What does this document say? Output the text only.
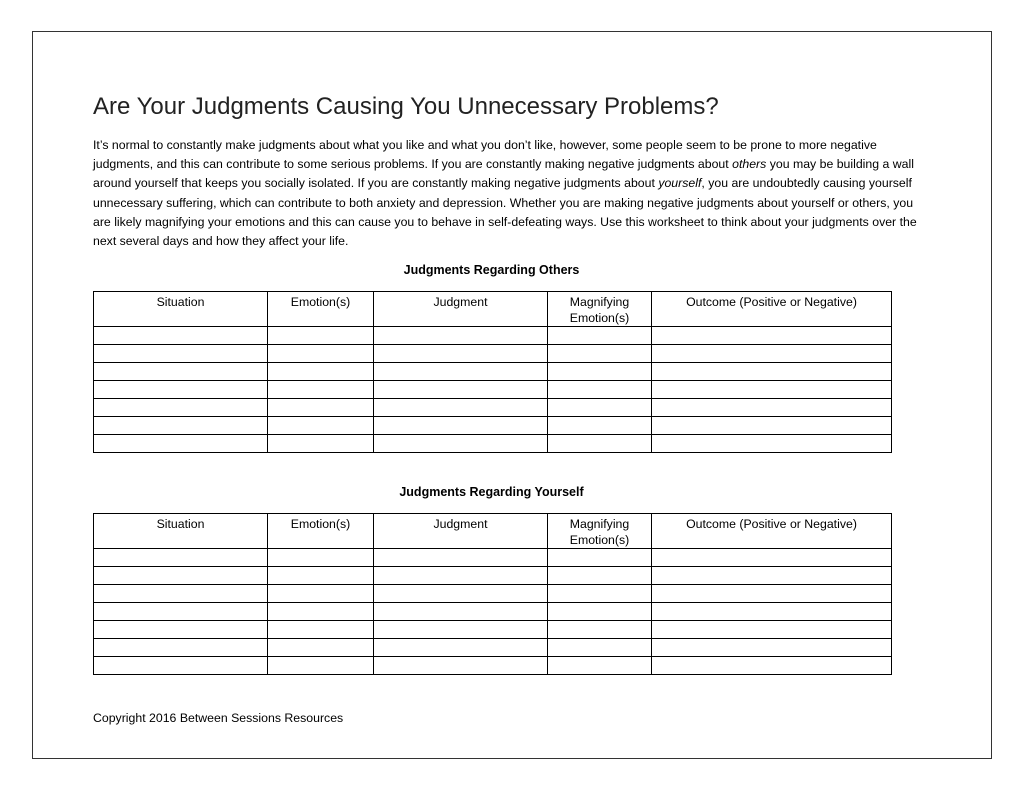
Are Your Judgments Causing You Unnecessary Problems?

It’s normal to constantly make judgments about what you like and what you don’t like, however, some people seem to be prone to more negative judgments, and this can contribute to some serious problems. If you are constantly making negative judgments about others you may be building a wall around yourself that keeps you socially isolated. If you are constantly making negative judgments about yourself, you are undoubtedly causing yourself unnecessary suffering, which can contribute to both anxiety and depression. Whether you are making negative judgments about yourself or others, you are likely magnifying your emotions and this can cause you to behave in self-defeating ways. Use this worksheet to think about your judgments over the next several days and how they affect your life.

Judgments Regarding Others

Situation	Emotion(s)	Judgment	Magnifying Emotion(s)	Outcome (Positive or Negative)

Judgments Regarding Yourself

Situation	Emotion(s)	Judgment	Magnifying Emotion(s)	Outcome (Positive or Negative)

Copyright 2016 Between Sessions Resources
